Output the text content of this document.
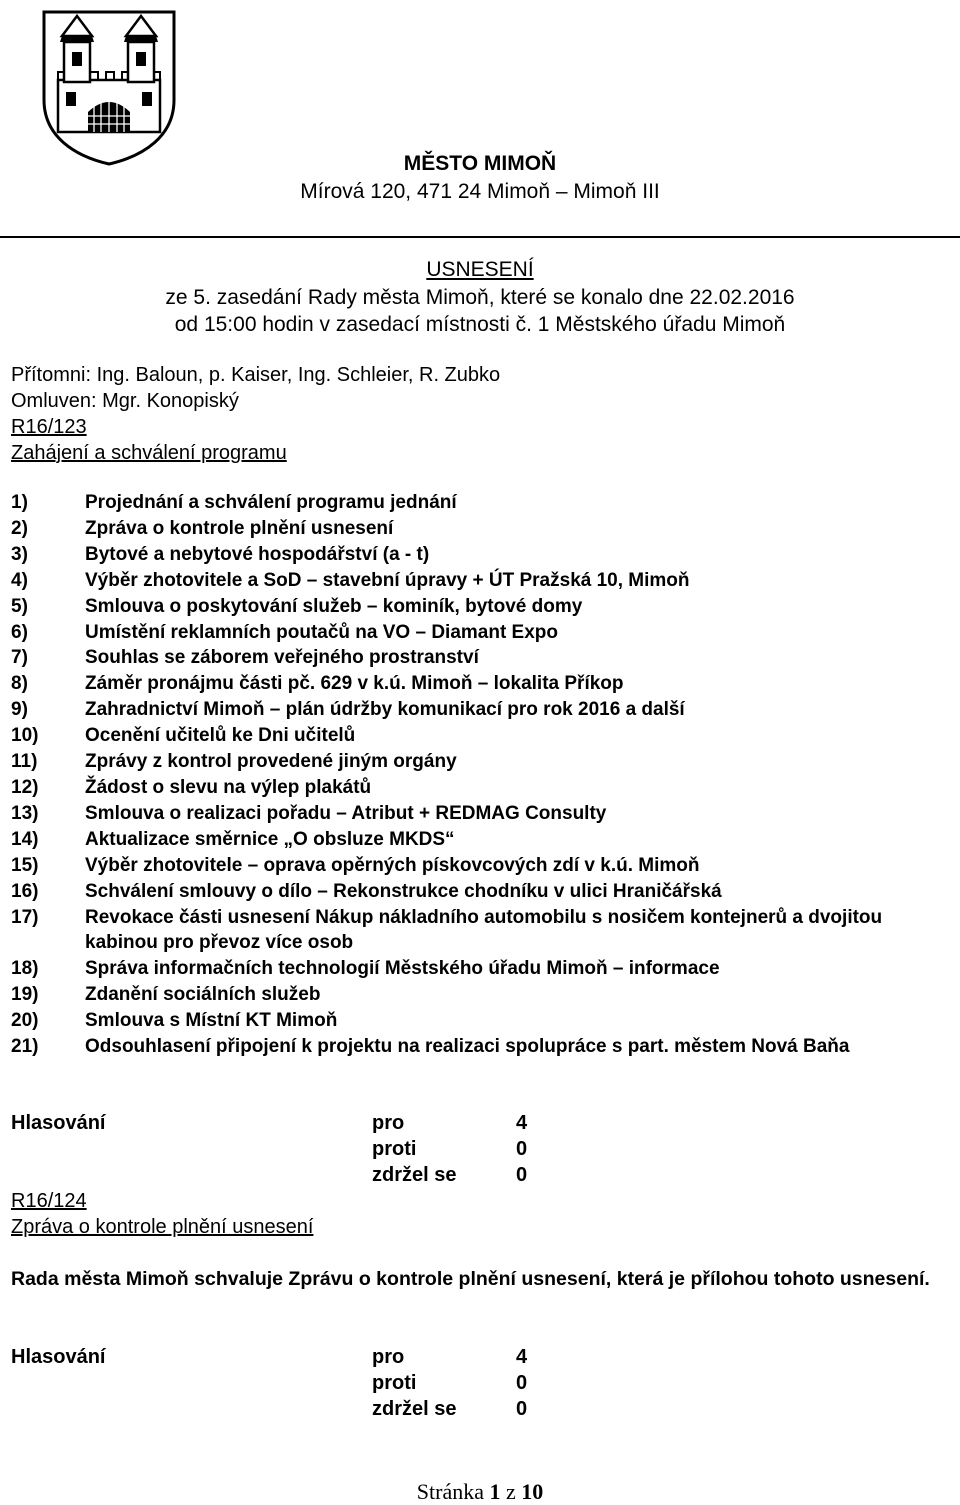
MĚSTO MIMOŇ
Mírová 120, 471 24 Mimoň – Mimoň III
USNESENÍ
ze 5. zasedání Rady města Mimoň, které se konalo dne 22.02.2016
od 15:00 hodin v zasedací místnosti č. 1 Městského úřadu Mimoň
Přítomni: Ing. Baloun, p. Kaiser, Ing. Schleier, R. Zubko
Omluven: Mgr. Konopiský
R16/123
Zahájení a schválení programu
1)	Projednání a schválení programu jednání
2)	Zpráva o kontrole plnění usnesení
3)	Bytové a nebytové hospodářství (a - t)
4)	Výběr zhotovitele a SoD – stavební úpravy + ÚT Pražská 10, Mimoň
5)	Smlouva o poskytování služeb – kominík, bytové domy
6)	Umístění reklamních poutačů na VO – Diamant Expo
7)	Souhlas se záborem veřejného prostranství
8)	Záměr pronájmu části pč. 629 v k.ú. Mimoň – lokalita Příkop
9)	Zahradnictví Mimoň – plán údržby komunikací pro rok 2016 a další
10)	Ocenění učitelů ke Dni učitelů
11)	Zprávy z kontrol provedené jiným orgány
12)	Žádost o slevu na výlep plakátů
13)	Smlouva o realizaci pořadu – Atribut + REDMAG Consulty
14)	Aktualizace směrnice „O obsluze MKDS“
15)	Výběr zhotovitele – oprava opěrných pískovcových zdí v k.ú. Mimoň
16)	Schválení smlouvy o dílo – Rekonstrukce chodníku v ulici Hraničářská
17)	Revokace části usnesení Nákup nákladního automobilu s nosičem kontejnerů a dvojitou kabinou pro převoz více osob
18)	Správa informačních technologií Městského úřadu Mimoň – informace
19)	Zdanění sociálních služeb
20)	Smlouva s Místní KT Mimoň
21)	Odsouhlasení připojení k projektu na realizaci spolupráce s part. městem Nová Baňa
Hlasování	pro	4
proti	0
zdržel se	0
R16/124
Zpráva o kontrole plnění usnesení
Rada města Mimoň schvaluje Zprávu o kontrole plnění usnesení, která je přílohou tohoto usnesení.
Hlasování	pro	4
proti	0
zdržel se	0
Stránka 1 z 10
